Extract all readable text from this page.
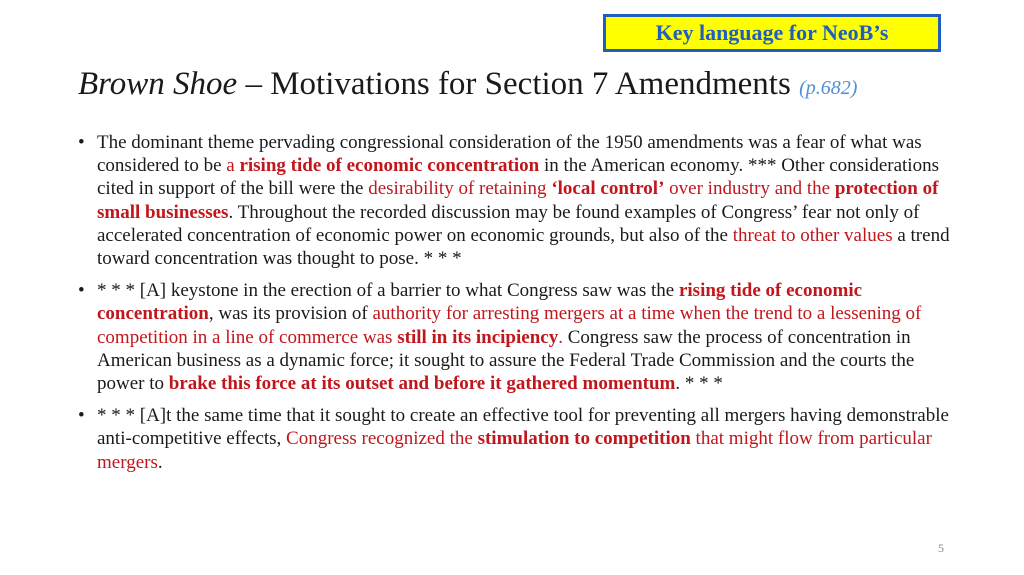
Key language for NeoB’s
Brown Shoe – Motivations for Section 7 Amendments (p.682)
• The dominant theme pervading congressional consideration of the 1950 amendments was a fear of what was considered to be a rising tide of economic concentration in the American economy. *** Other considerations cited in support of the bill were the desirability of retaining ‘local control’ over industry and the protection of small businesses. Throughout the recorded discussion may be found examples of Congress’ fear not only of accelerated concentration of economic power on economic grounds, but also of the threat to other values a trend toward concentration was thought to pose. * * *
• * * * [A] keystone in the erection of a barrier to what Congress saw was the rising tide of economic concentration, was its provision of authority for arresting mergers at a time when the trend to a lessening of competition in a line of commerce was still in its incipiency. Congress saw the process of concentration in American business as a dynamic force; it sought to assure the Federal Trade Commission and the courts the power to brake this force at its outset and before it gathered momentum. * * *
• * * * [A]t the same time that it sought to create an effective tool for preventing all mergers having demonstrable anti-competitive effects, Congress recognized the stimulation to competition that might flow from particular mergers.
5
